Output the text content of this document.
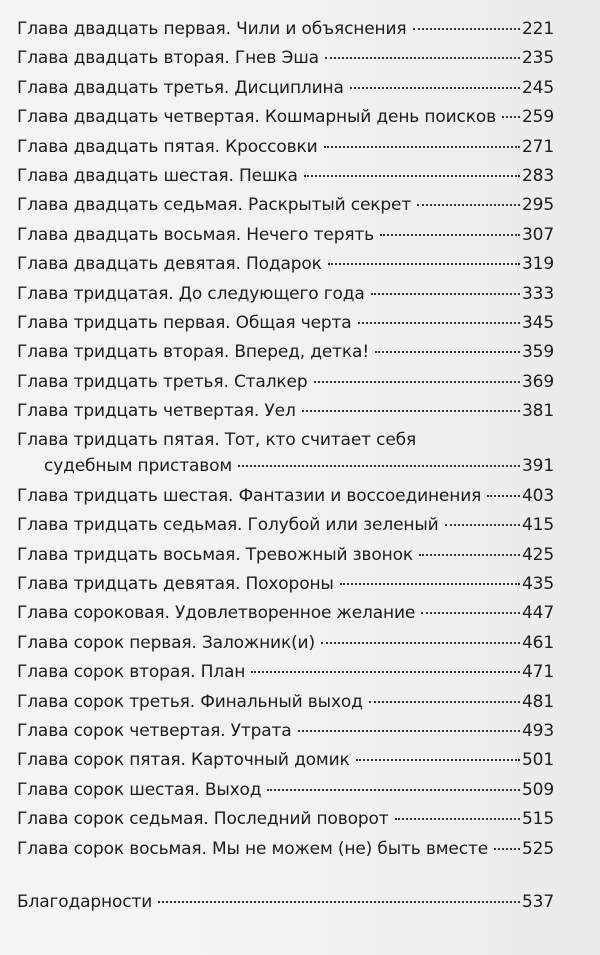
Глава двадцать первая. Чили и объяснения	221
Глава двадцать вторая. Гнев Эша	235
Глава двадцать третья. Дисциплина	245
Глава двадцать четвертая. Кошмарный день поисков 259
Глава двадцать пятая. Кроссовки	271
Глава двадцать шестая. Пешка	283
Глава двадцать седьмая. Раскрытый секрет	295
Глава двадцать восьмая. Нечего терять	307
Глава двадцать девятая. Подарок	319
Глава тридцатая. До следующего года	333
Глава тридцать первая. Общая черта	345
Глава тридцать вторая. Вперед, детка!	359
Глава тридцать третья. Сталкер	369
Глава тридцать четвертая. Уел	381
Глава тридцать пятая. Тот, кто считает себя
судебным приставом	391
Глава тридцать шестая. Фантазии и воссоединения 403
Глава тридцать седьмая. Голубой или зеленый	415
Глава тридцать восьмая. Тревожный звонок	425
Глава тридцать девятая. Похороны	435
Глава сороковая. Удовлетворенное желание	447
Глава сорок первая. Заложник(и)	461
Глава сорок вторая. План	471
Глава сорок третья. Финальный выход	481
Глава сорок четвертая. Утрата	493
Глава сорок пятая. Карточный домик	501
Глава сорок шестая. Выход	509
Глава сорок седьмая. Последний поворот	515
Глава сорок восьмая. Мы не можем (не) быть вместе 525
Благодарности	537
